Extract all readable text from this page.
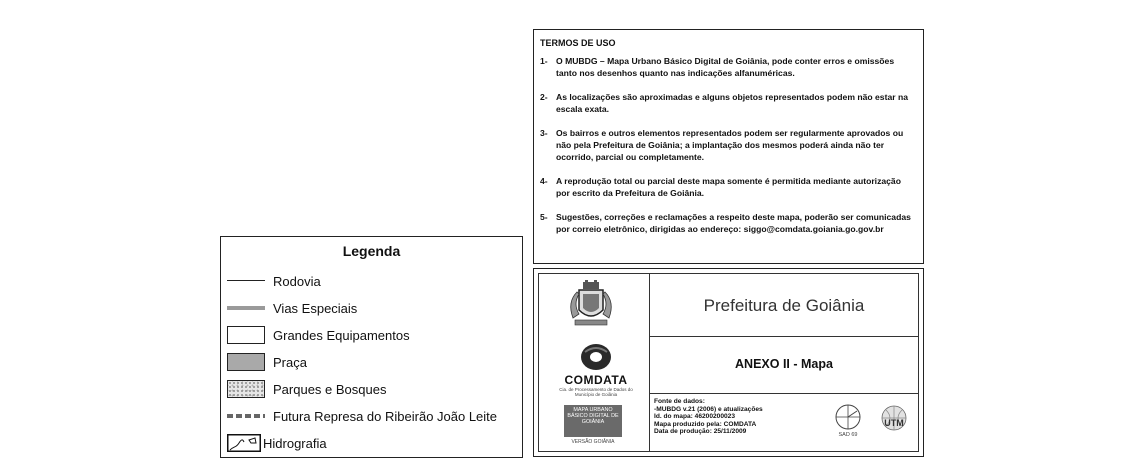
TERMOS DE USO
1- O MUBDG – Mapa Urbano Básico Digital de Goiânia, pode conter erros e omissões tanto nos desenhos quanto nas indicações alfanuméricas.
2- As localizações são aproximadas e alguns objetos representados podem não estar na escala exata.
3- Os bairros e outros elementos representados podem ser regularmente aprovados ou não pela Prefeitura de Goiânia; a implantação dos mesmos poderá ainda não ter ocorrido, parcial ou completamente.
4- A reprodução total ou parcial deste mapa somente é permitida mediante autorização por escrito da Prefeitura de Goiânia.
5- Sugestões, correções e reclamações a respeito deste mapa, poderão ser comunicadas por correio eletrônico, dirigidas ao endereço: siggo@comdata.goiania.go.gov.br
Legenda
Rodovia
Vias Especiais
Grandes Equipamentos
Praça
Parques e Bosques
Futura Represa do Ribeirão João Leite
Hidrografia
COMDATA
Cia. de Processamento de Dados do Município de Goiânia
MAPA URBANO BÁSICO DIGITAL DE GOIÂNIA
VERSÃO GOIÂNIA
Prefeitura de Goiânia
ANEXO II - Mapa
Fonte de dados:
-MUBDG v.21 (2006) e atualizações
Id. do mapa: 46200200023
Mapa produzido pela: COMDATA
Data de produção: 25/11/2009	SAD 69
UTM
